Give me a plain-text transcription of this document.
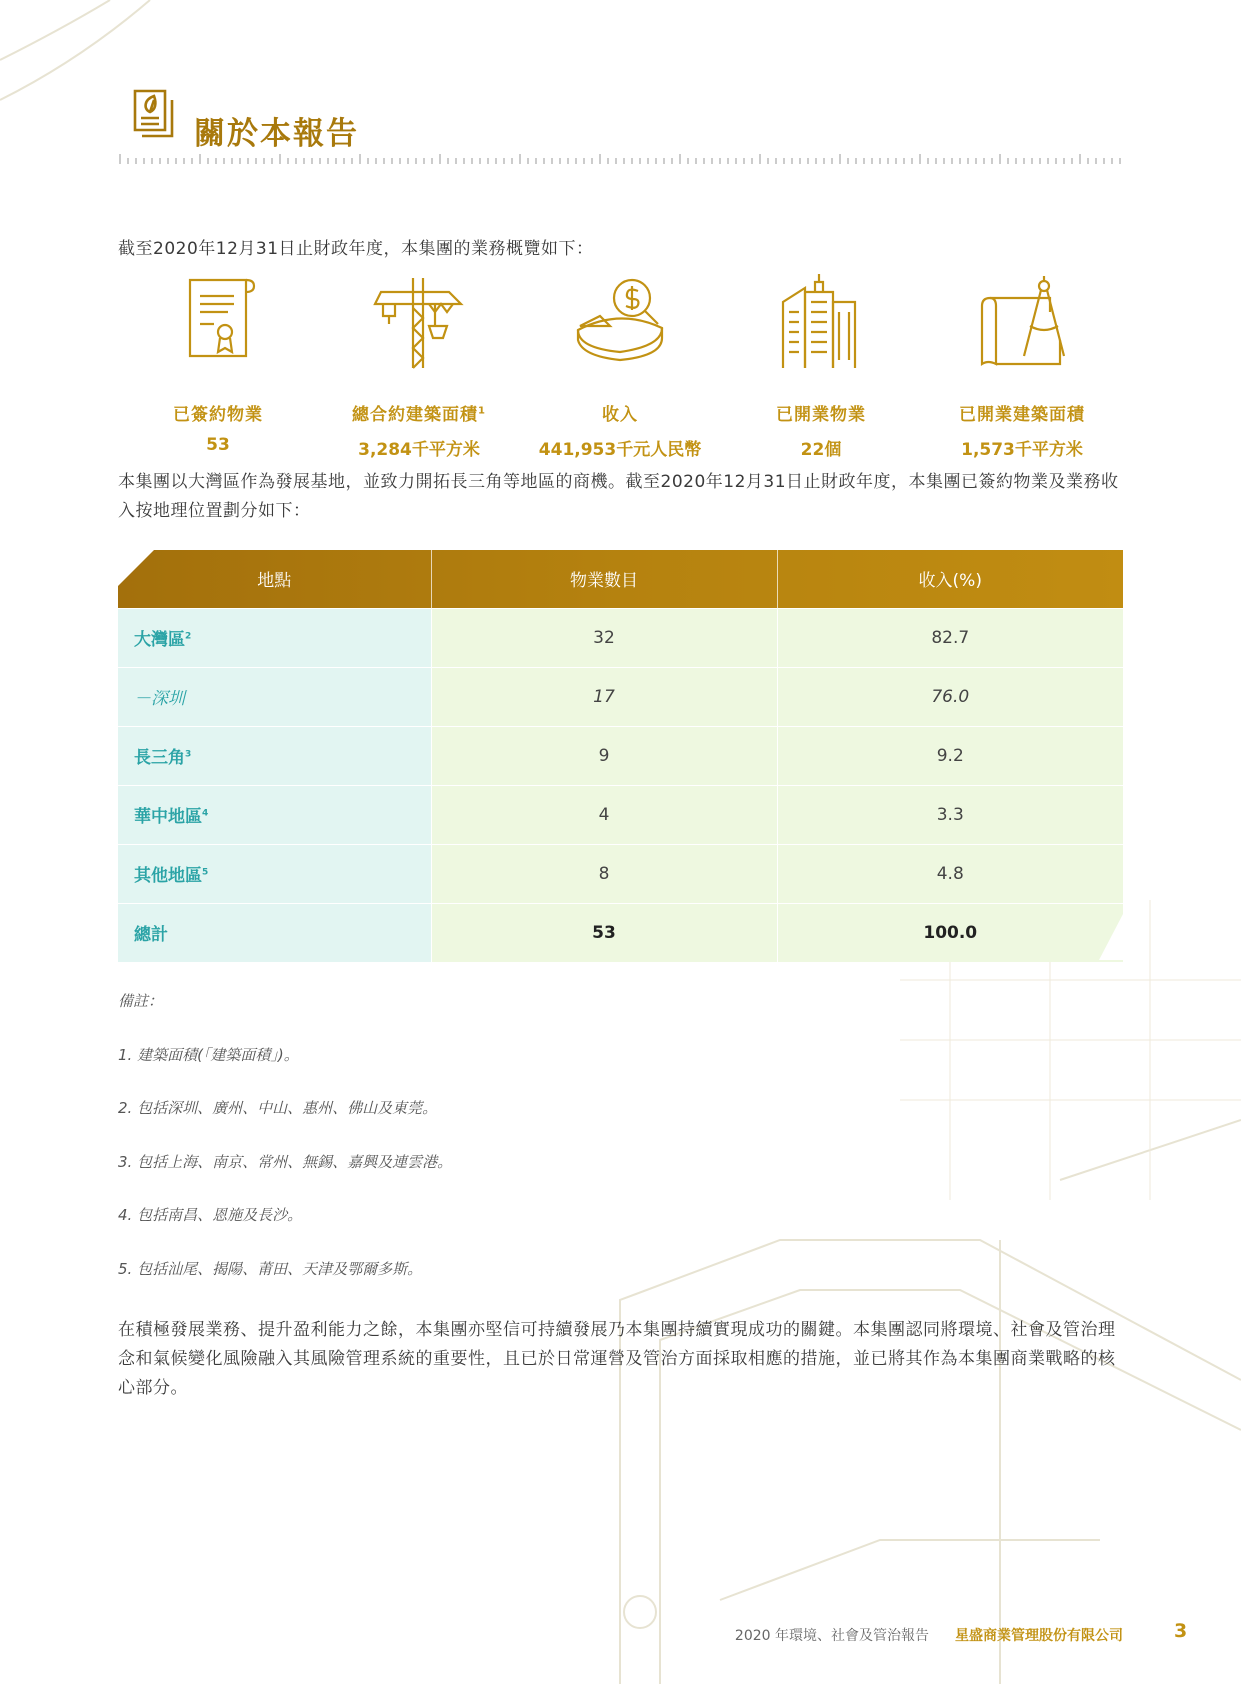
關於本報告
截至2020年12月31日止財政年度，本集團的業務概覽如下：
已簽約物業
53
總合約建築面積$^1$
3,284千平方米
收入
441,953千元人民幣
已開業物業
22個
已開業建築面積
1,573千平方米
本集團以大灣區作為發展基地，並致力開拓長三角等地區的商機。截至2020年12月31日止財政年度，本集團已簽約物業及業務收入按地理位置劃分如下：
地點	物業數目	收入(%)
大灣區$^2$	32	82.7
－深圳	17	76.0
長三角$^3$	9	9.2
華中地區$^4$	4	3.3
其他地區$^5$	8	4.8
總計	53	100.0
備註：
1. 建築面積(「建築面積」)。
2. 包括深圳、廣州、中山、惠州、佛山及東莞。
3. 包括上海、南京、常州、無錫、嘉興及連雲港。
4. 包括南昌、恩施及長沙。
5. 包括汕尾、揭陽、莆田、天津及鄂爾多斯。
在積極發展業務、提升盈利能力之餘，本集團亦堅信可持續發展乃本集團持續實現成功的關鍵。本集團認同將環境、社會及管治理念和氣候變化風險融入其風險管理系統的重要性，且已於日常運營及管治方面採取相應的措施，並已將其作為本集團商業戰略的核心部分。
2020 年環境、社會及管治報告 星盛商業管理股份有限公司	3
